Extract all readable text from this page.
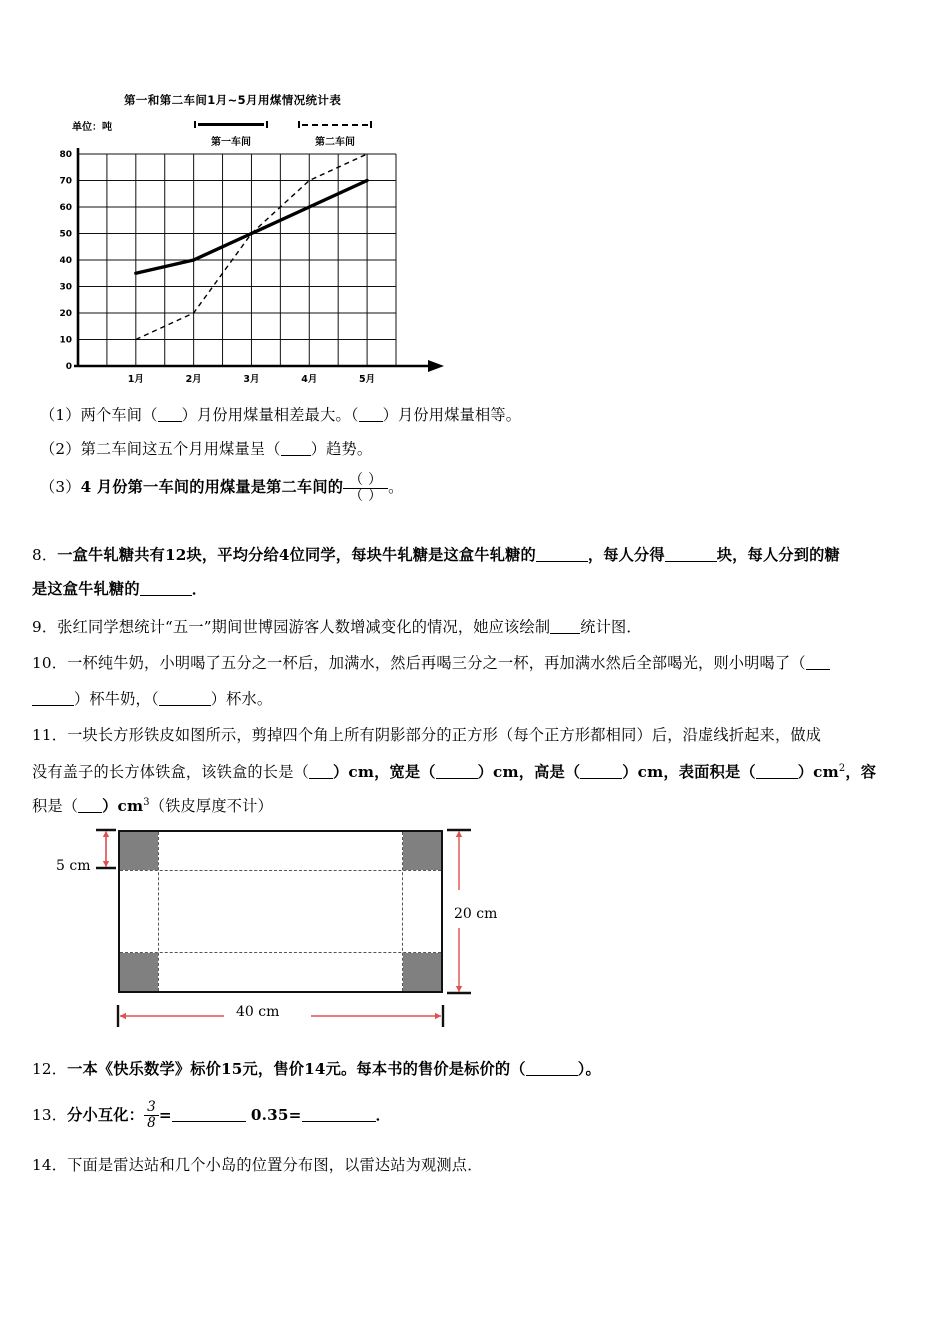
第一和第二车间1月~5月用煤情况统计表
单位：吨
第一车间	第二车间
0
10
20
30
40
50
60
70
80
1月	2月	3月	4月	5月
（1）两个车间（ ）月份用煤量相差最大。（ ）月份用煤量相等。
（2）第二车间这五个月用煤量呈（ ）趋势。
（3）4 月份第一车间的用煤量是第二车间的 $\frac{( )}{( )}$ 。
8．一盒牛轧糖共有12块，平均分给4位同学，每块牛轧糖是这盒牛轧糖的	，每人分得	块，每人分到的糖
是这盒牛轧糖的	．
9．张红同学想统计“五一”期间世博园游客人数增减变化的情况，她应该绘制 统计图．
10．一杯纯牛奶，小明喝了五分之一杯后，加满水，然后再喝三分之一杯，再加满水然后全部喝光，则小明喝了（
）杯牛奶，（	）杯水。
11．一块长方形铁皮如图所示，剪掉四个角上所有阴影部分的正方形（每个正方形都相同）后，沿虚线折起来，做成
没有盖子的长方体铁盒，该铁盒的长是（ ）cm，宽是（	）cm，高是（	）cm，表面积是（	）$cm^2$，容
积是（ ）$cm^3$（铁皮厚度不计）
5 cm
20 cm
40 cm
12．一本《快乐数学》标价15元，售价14元。每本书的售价是标价的（	）。
13．分小互化： $\frac{3}{8}$ =	0.35=	．
14．下面是雷达站和几个小岛的位置分布图，以雷达站为观测点．
